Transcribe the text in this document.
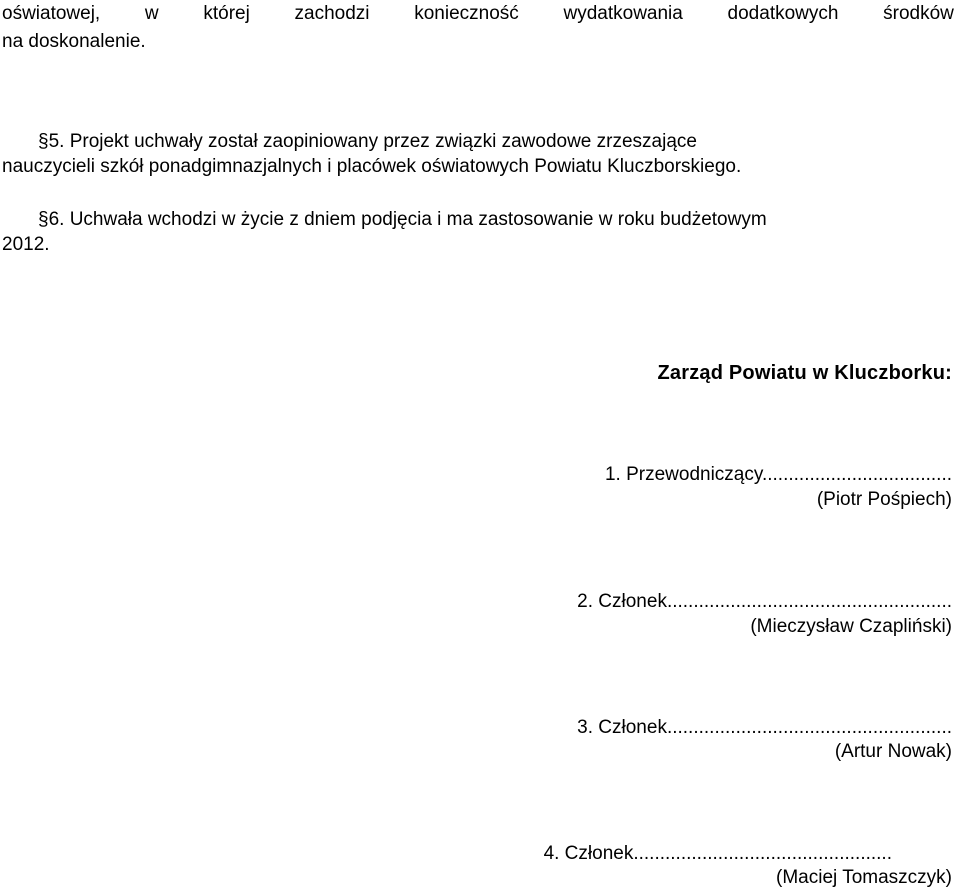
oświatowej, w której zachodzi konieczność wydatkowania dodatkowych środków
na doskonalenie.
§5. Projekt uchwały został zaopiniowany przez związki zawodowe zrzeszające
nauczycieli szkół ponadgimnazjalnych i placówek oświatowych Powiatu Kluczborskiego.
§6. Uchwała wchodzi w życie z dniem podjęcia i ma zastosowanie w roku budżetowym
2012.
Zarząd Powiatu w Kluczborku:
1. Przewodniczący....................................
(Piotr Pośpiech)
2. Członek......................................................
(Mieczysław Czapliński)
3. Członek......................................................
(Artur Nowak)
4. Członek.................................................
(Maciej Tomaszczyk)
